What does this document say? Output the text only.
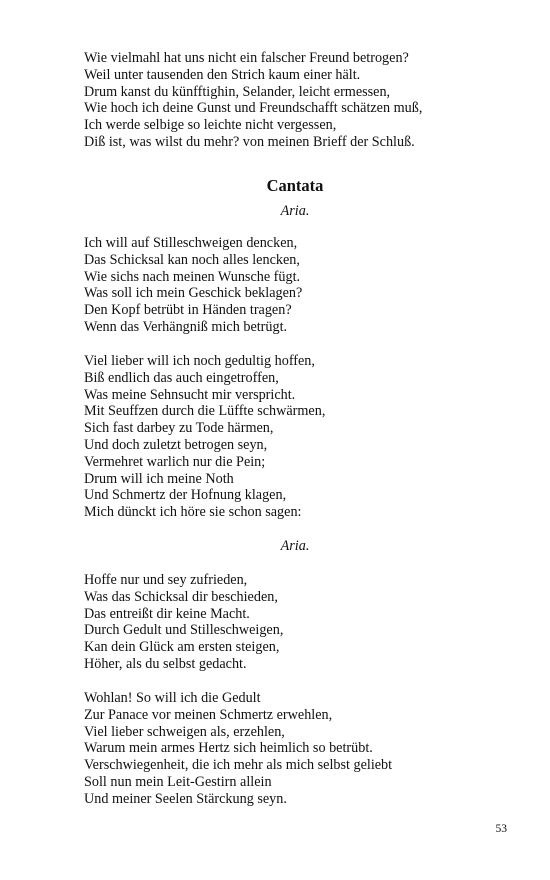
Wie vielmahl hat uns nicht ein falscher Freund betrogen?
Weil unter tausenden den Strich kaum einer hält.
Drum kanst du künfftighin, Selander, leicht ermessen,
Wie hoch ich deine Gunst und Freundschafft schätzen muß,
Ich werde selbige so leichte nicht vergessen,
Diß ist, was wilst du mehr? von meinen Brieff der Schluß.
Cantata
Aria.
Ich will auf Stilleschweigen dencken,
Das Schicksal kan noch alles lencken,
Wie sichs nach meinen Wunsche fügt.
Was soll ich mein Geschick beklagen?
Den Kopf betrübt in Händen tragen?
Wenn das Verhängniß mich betrügt.
Viel lieber will ich noch gedultig hoffen,
Biß endlich das auch eingetroffen,
Was meine Sehnsucht mir verspricht.
Mit Seuffzen durch die Lüffte schwärmen,
Sich fast darbey zu Tode härmen,
Und doch zuletzt betrogen seyn,
Vermehret warlich nur die Pein;
Drum will ich meine Noth
Und Schmertz der Hofnung klagen,
Mich dünckt ich höre sie schon sagen:
Aria.
Hoffe nur und sey zufrieden,
Was das Schicksal dir beschieden,
Das entreißt dir keine Macht.
Durch Gedult und Stilleschweigen,
Kan dein Glück am ersten steigen,
Höher, als du selbst gedacht.
Wohlan! So will ich die Gedult
Zur Panace vor meinen Schmertz erwehlen,
Viel lieber schweigen als, erzehlen,
Warum mein armes Hertz sich heimlich so betrübt.
Verschwiegenheit, die ich mehr als mich selbst geliebt
Soll nun mein Leit-Gestirn allein
Und meiner Seelen Stärckung seyn.
53
